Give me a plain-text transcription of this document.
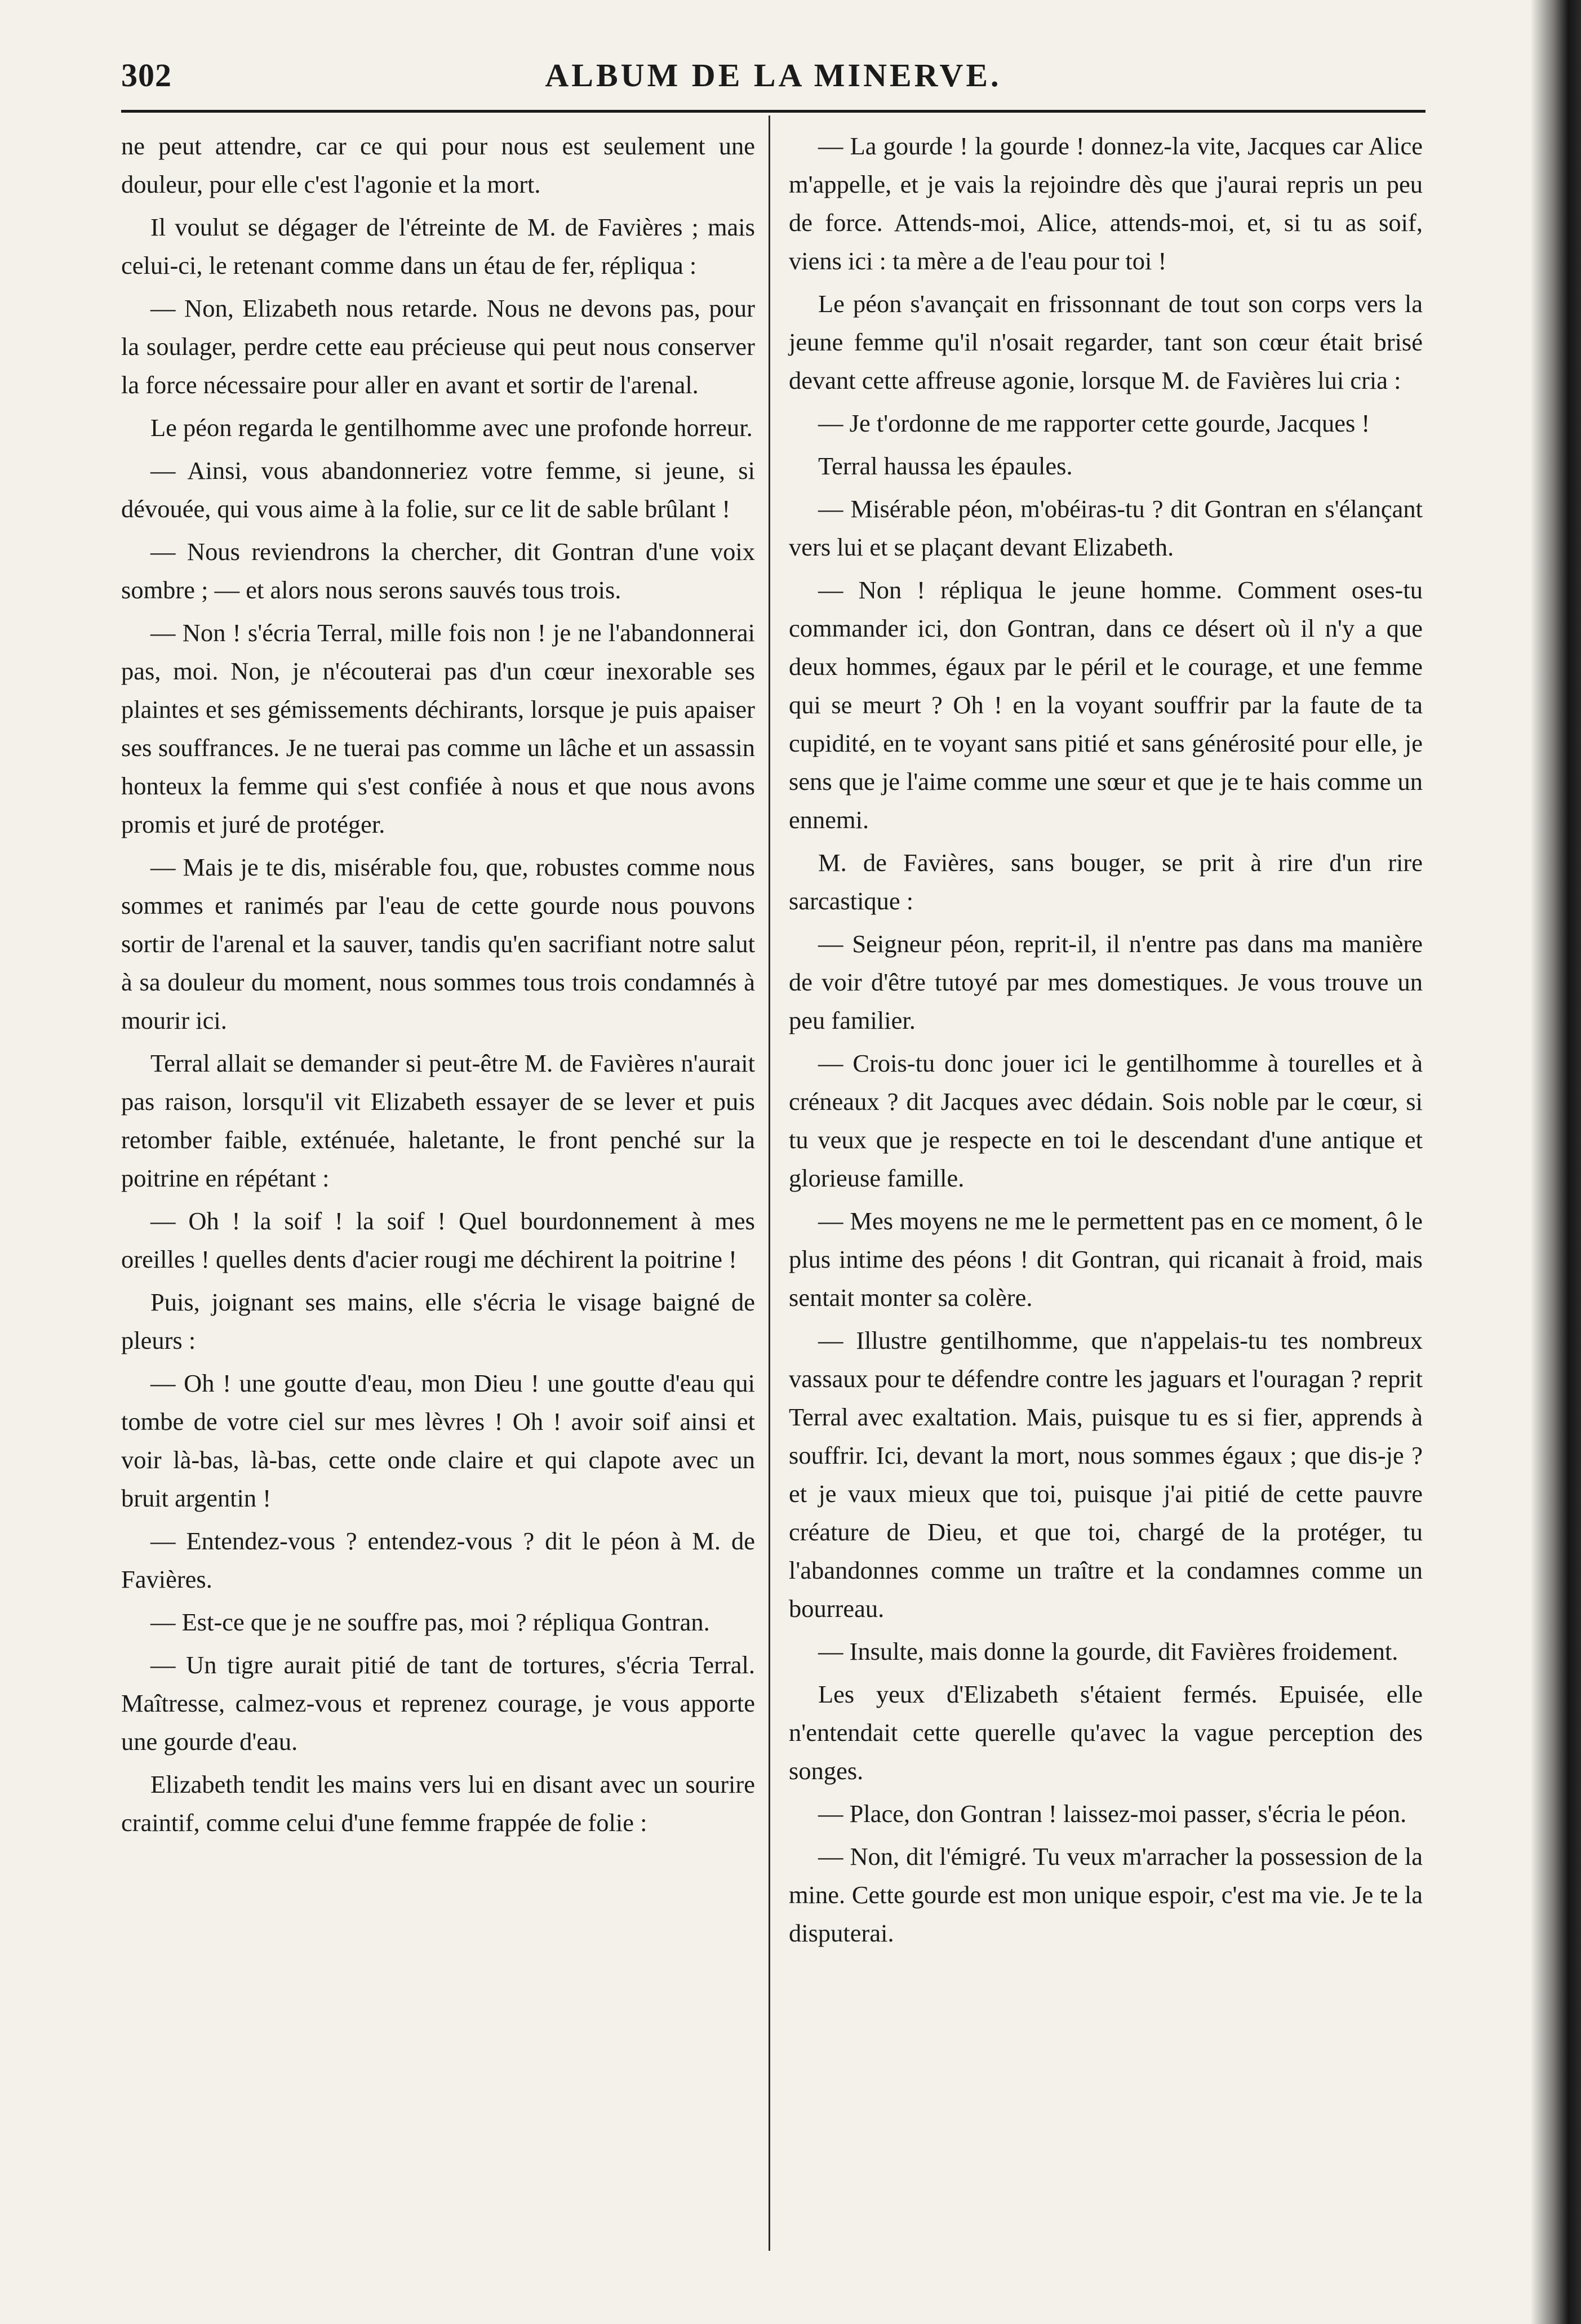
ALBUM DE LA MINERVE.
302

ne peut attendre, car ce qui pour nous est seulement une douleur, pour elle c'est l'agonie et la mort.

Il voulut se dégager de l'étreinte de M. de Favières ; mais celui-ci, le retenant comme dans un étau de fer, répliqua :

— Non, Elizabeth nous retarde. Nous ne devons pas, pour la soulager, perdre cette eau précieuse qui peut nous conserver la force nécessaire pour aller en avant et sortir de l'arenal.

Le péon regarda le gentilhomme avec une profonde horreur.

— Ainsi, vous abandonneriez votre femme, si jeune, si dévouée, qui vous aime à la folie, sur ce lit de sable brûlant !

— Nous reviendrons la chercher, dit Gontran d'une voix sombre ; — et alors nous serons sauvés tous trois.

— Non ! s'écria Terral, mille fois non ! je ne l'abandonnerai pas, moi. Non, je n'écouterai pas d'un cœur inexorable ses plaintes et ses gémissements déchirants, lorsque je puis apaiser ses souffrances. Je ne tuerai pas comme un lâche et un assassin honteux la femme qui s'est confiée à nous et que nous avons promis et juré de protéger.

— Mais je te dis, misérable fou, que, robustes comme nous sommes et ranimés par l'eau de cette gourde nous pouvons sortir de l'arenal et la sauver, tandis qu'en sacrifiant notre salut à sa douleur du moment, nous sommes tous trois condamnés à mourir ici.

Terral allait se demander si peut-être M. de Favières n'aurait pas raison, lorsqu'il vit Elizabeth essayer de se lever et puis retomber faible, exténuée, haletante, le front penché sur la poitrine en répétant :

— Oh ! la soif ! la soif ! Quel bourdonnement à mes oreilles ! quelles dents d'acier rougi me déchirent la poitrine !

Puis, joignant ses mains, elle s'écria le visage baigné de pleurs :

— Oh ! une goutte d'eau, mon Dieu ! une goutte d'eau qui tombe de votre ciel sur mes lèvres ! Oh ! avoir soif ainsi et voir là-bas, là-bas, cette onde claire et qui clapote avec un bruit argentin !

— Entendez-vous ? entendez-vous ? dit le péon à M. de Favières.

— Est-ce que je ne souffre pas, moi ? répliqua Gontran.

— Un tigre aurait pitié de tant de tortures, s'écria Terral. Maîtresse, calmez-vous et reprenez courage, je vous apporte une gourde d'eau.

Elizabeth tendit les mains vers lui en disant avec un sourire craintif, comme celui d'une femme frappée de folie :

— La gourde ! la gourde ! donnez-la vite, Jacques car Alice m'appelle, et je vais la rejoindre dès que j'aurai repris un peu de force. Attends-moi, Alice, attends-moi, et, si tu as soif, viens ici : ta mère a de l'eau pour toi !

Le péon s'avançait en frissonnant de tout son corps vers la jeune femme qu'il n'osait regarder, tant son cœur était brisé devant cette affreuse agonie, lorsque M. de Favières lui cria :

— Je t'ordonne de me rapporter cette gourde, Jacques !

Terral haussa les épaules.

— Misérable péon, m'obéiras-tu ? dit Gontran en s'élançant vers lui et se plaçant devant Elizabeth.

— Non ! répliqua le jeune homme. Comment oses-tu commander ici, don Gontran, dans ce désert où il n'y a que deux hommes, égaux par le péril et le courage, et une femme qui se meurt ? Oh ! en la voyant souffrir par la faute de ta cupidité, en te voyant sans pitié et sans générosité pour elle, je sens que je l'aime comme une sœur et que je te hais comme un ennemi.

M. de Favières, sans bouger, se prit à rire d'un rire sarcastique :

— Seigneur péon, reprit-il, il n'entre pas dans ma manière de voir d'être tutoyé par mes domestiques. Je vous trouve un peu familier.

— Crois-tu donc jouer ici le gentilhomme à tourelles et à créneaux ? dit Jacques avec dédain. Sois noble par le cœur, si tu veux que je respecte en toi le descendant d'une antique et glorieuse famille.

— Mes moyens ne me le permettent pas en ce moment, ô le plus intime des péons ! dit Gontran, qui ricanait à froid, mais sentait monter sa colère.

— Illustre gentilhomme, que n'appelais-tu tes nombreux vassaux pour te défendre contre les jaguars et l'ouragan ? reprit Terral avec exaltation. Mais, puisque tu es si fier, apprends à souffrir. Ici, devant la mort, nous sommes égaux ; que dis-je ? et je vaux mieux que toi, puisque j'ai pitié de cette pauvre créature de Dieu, et que toi, chargé de la protéger, tu l'abandonnes comme un traître et la condamnes comme un bourreau.

— Insulte, mais donne la gourde, dit Favières froidement.

Les yeux d'Elizabeth s'étaient fermés. Epuisée, elle n'entendait cette querelle qu'avec la vague perception des songes.

— Place, don Gontran ! laissez-moi passer, s'écria le péon.

— Non, dit l'émigré. Tu veux m'arracher la possession de la mine. Cette gourde est mon unique espoir, c'est ma vie. Je te la disputerai.
